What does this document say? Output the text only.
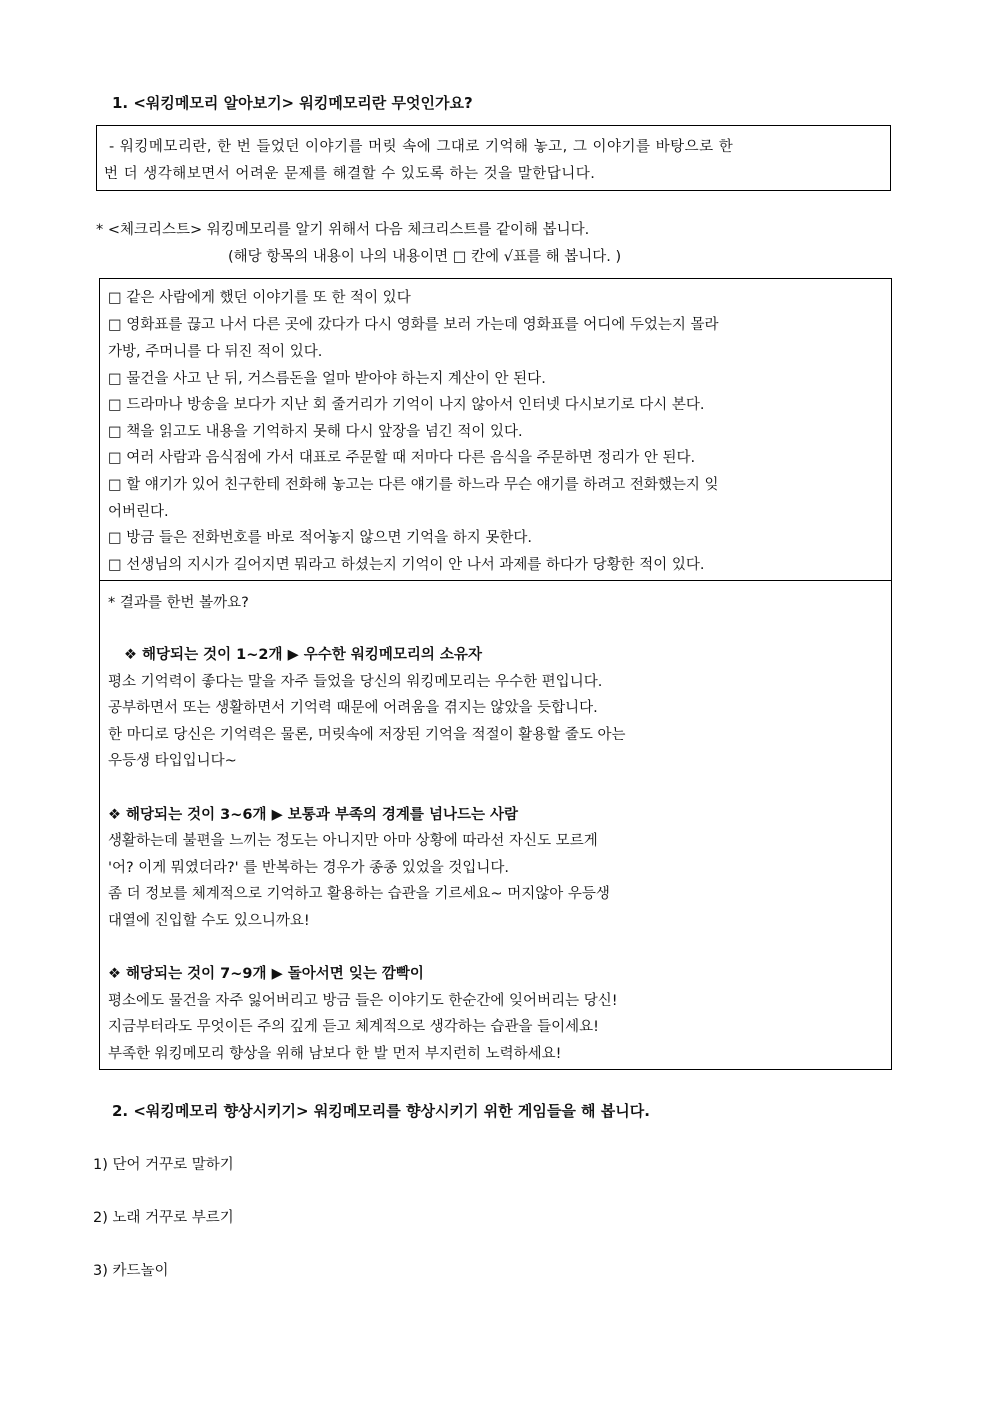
1. <워킹메모리 알아보기> 워킹메모리란 무엇인가요?
- 워킹메모리란, 한 번 들었던 이야기를 머릿 속에 그대로 기억해 놓고, 그 이야기를 바탕으로 한
번 더 생각해보면서 어려운 문제를 해결할 수 있도록 하는 것을 말한답니다.
* <체크리스트> 워킹메모리를 알기 위해서 다음 체크리스트를 같이해 봅니다.
(해당 항목의 내용이 나의 내용이면 □ 칸에 √표를 해 봅니다. )
□ 같은 사람에게 했던 이야기를 또 한 적이 있다
□ 영화표를 끊고 나서 다른 곳에 갔다가 다시 영화를 보러 가는데 영화표를 어디에 두었는지 몰라
가방, 주머니를 다 뒤진 적이 있다.
□ 물건을 사고 난 뒤, 거스름돈을 얼마 받아야 하는지 계산이 안 된다.
□ 드라마나 방송을 보다가 지난 회 줄거리가 기억이 나지 않아서 인터넷 다시보기로 다시 본다.
□ 책을 읽고도 내용을 기억하지 못해 다시 앞장을 넘긴 적이 있다.
□ 여러 사람과 음식점에 가서 대표로 주문할 때 저마다 다른 음식을 주문하면 정리가 안 된다.
□ 할 얘기가 있어 친구한테 전화해 놓고는 다른 얘기를 하느라 무슨 얘기를 하려고 전화했는지 잊
어버린다.
□ 방금 들은 전화번호를 바로 적어놓지 않으면 기억을 하지 못한다.
□ 선생님의 지시가 길어지면 뭐라고 하셨는지 기억이 안 나서 과제를 하다가 당황한 적이 있다.
* 결과를 한번 볼까요?
❖ 해당되는 것이 1~2개 ▶ 우수한 워킹메모리의 소유자
평소 기억력이 좋다는 말을 자주 들었을 당신의 워킹메모리는 우수한 편입니다.
공부하면서 또는 생활하면서 기억력 때문에 어려움을 겪지는 않았을 듯합니다.
한 마디로 당신은 기억력은 물론, 머릿속에 저장된 기억을 적절이 활용할 줄도 아는
우등생 타입입니다~
❖ 해당되는 것이 3~6개 ▶ 보통과 부족의 경계를 넘나드는 사람
생활하는데 불편을 느끼는 정도는 아니지만 아마 상황에 따라선 자신도 모르게
'어? 이게 뭐였더라?' 를 반복하는 경우가 종종 있었을 것입니다.
좀 더 정보를 체계적으로 기억하고 활용하는 습관을 기르세요~ 머지않아 우등생
대열에 진입할 수도 있으니까요!
❖ 해당되는 것이 7~9개 ▶ 돌아서면 잊는 깜빡이
평소에도 물건을 자주 잃어버리고 방금 들은 이야기도 한순간에 잊어버리는 당신!
지금부터라도 무엇이든 주의 깊게 듣고 체계적으로 생각하는 습관을 들이세요!
부족한 워킹메모리 향상을 위해 남보다 한 발 먼저 부지런히 노력하세요!
2. <워킹메모리 향상시키기> 워킹메모리를 향상시키기 위한 게임들을 해 봅니다.
1) 단어 거꾸로 말하기
2) 노래 거꾸로 부르기
3) 카드놀이
